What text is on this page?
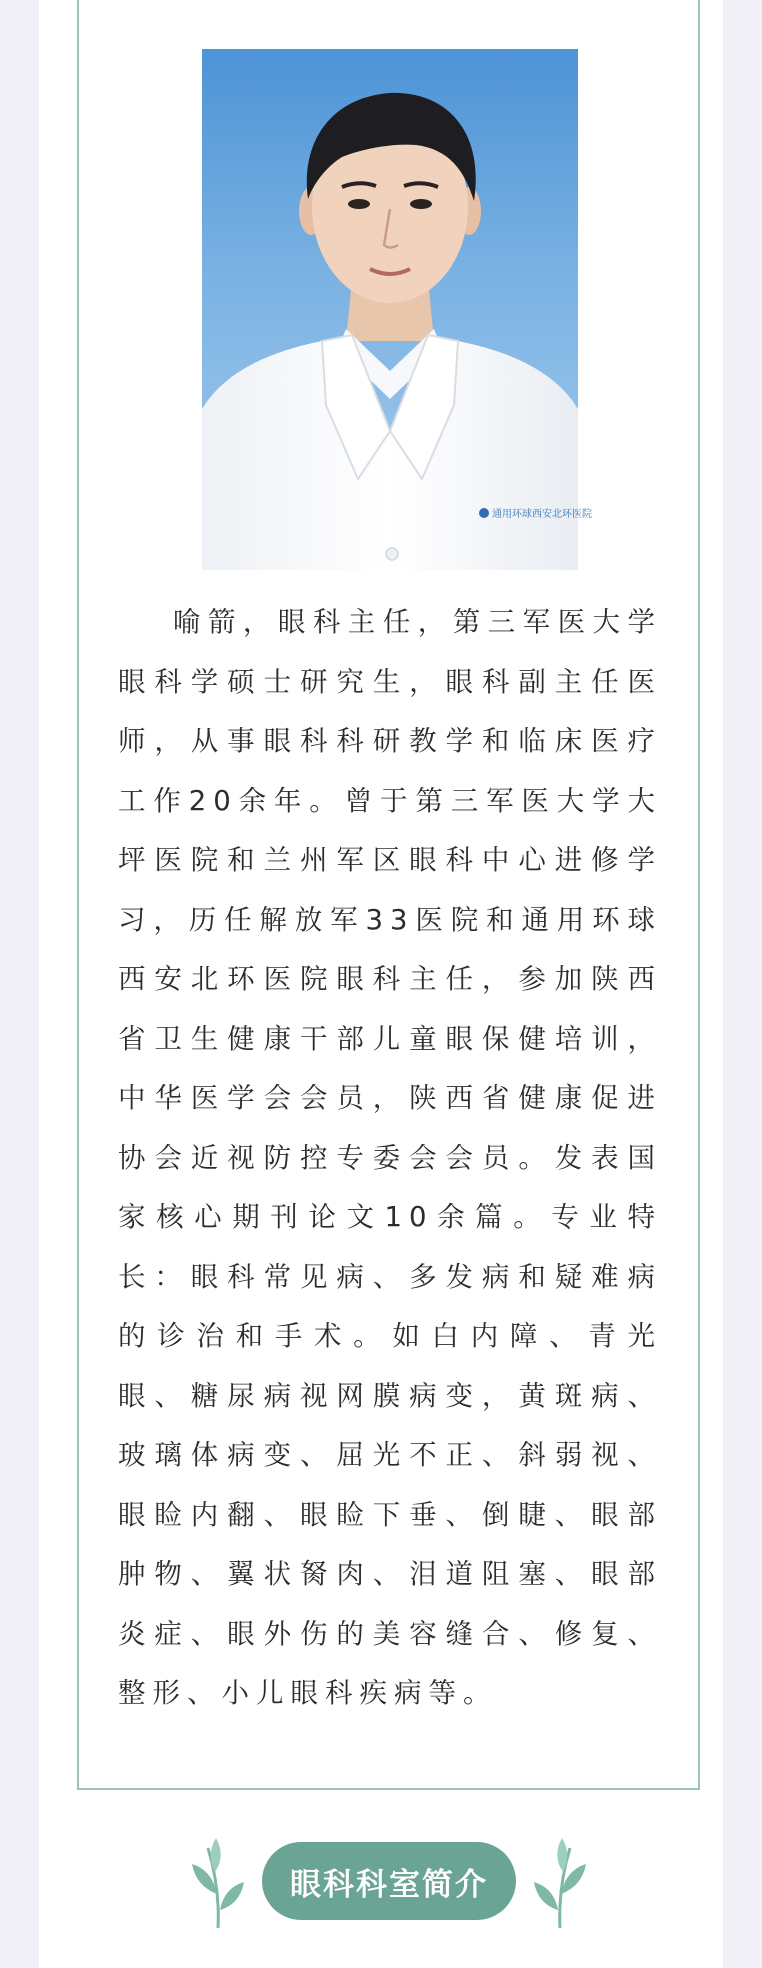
通用环球西安北环医院

喻箭，眼科主任，第三军医大学眼科学硕士研究生，眼科副主任医师，从事眼科科研教学和临床医疗工作20余年。曾于第三军医大学大坪医院和兰州军区眼科中心进修学习，历任解放军33医院和通用环球西安北环医院眼科主任，参加陕西省卫生健康干部儿童眼保健培训，中华医学会会员，陕西省健康促进协会近视防控专委会会员。发表国家核心期刊论文10余篇。专业特长：眼科常见病、多发病和疑难病的诊治和手术。如白内障、青光眼、糖尿病视网膜病变，黄斑病、玻璃体病变、屈光不正、斜弱视、眼睑内翻、眼睑下垂、倒睫、眼部肿物、翼状胬肉、泪道阻塞、眼部炎症、眼外伤的美容缝合、修复、整形、小儿眼科疾病等。

眼科科室简介
